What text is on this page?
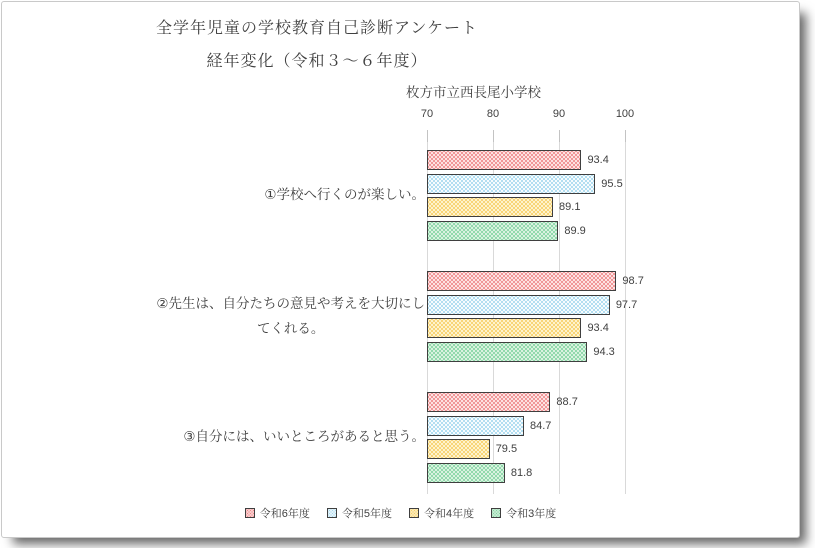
全学年児童の学校教育自己診断アンケート
経年変化（令和３～６年度）
枚方市立西長尾小学校
70	80	90	100
①学校へ行くのが楽しい。
93.4
95.5
89.1
89.9
②先生は、自分たちの意見や考えを大切にし
てくれる。
98.7
97.7
93.4
94.3
③自分には、いいところがあると思う。
88.7
84.7
79.5
81.8
令和6年度	令和5年度	令和4年度	令和3年度
